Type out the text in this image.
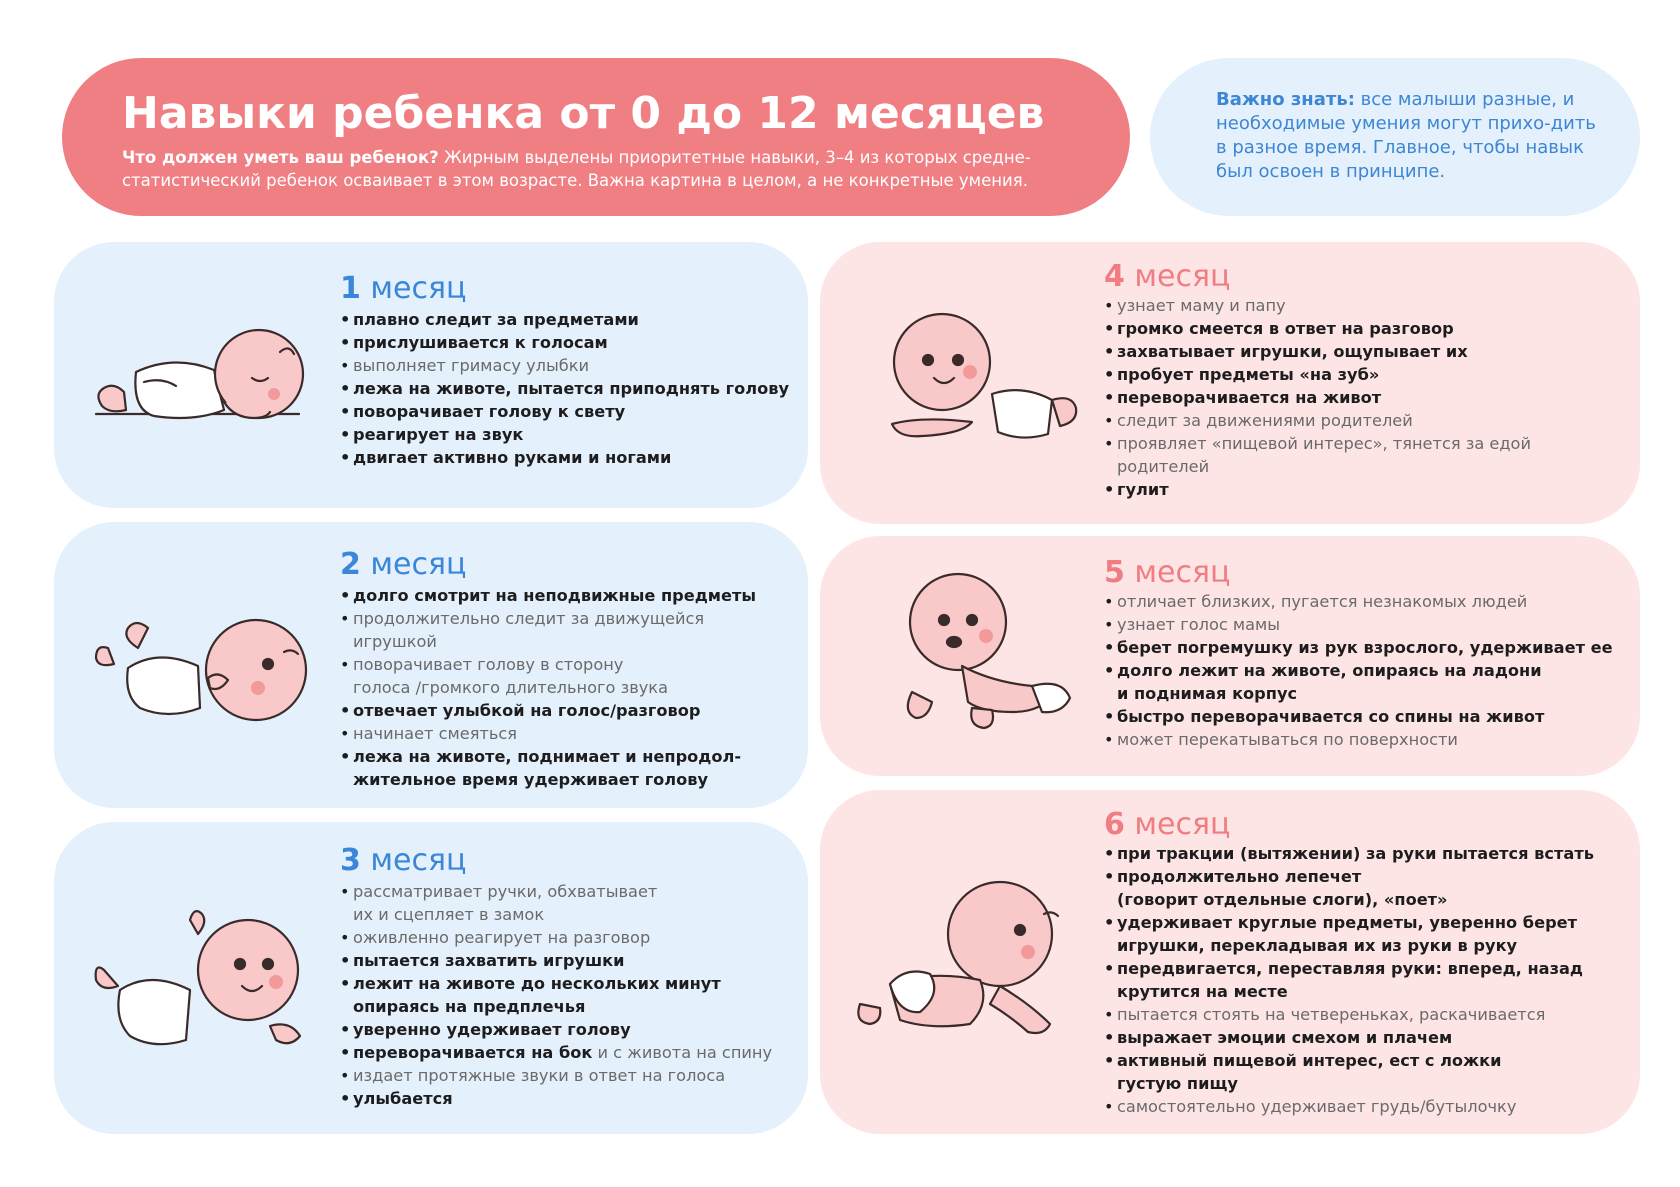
Навыки ребенка от 0 до 12 месяцев
Что должен уметь ваш ребенок? Жирным выделены приоритетные навыки, 3–4 из которых средне-статистический ребенок осваивает в этом возрасте. Важна картина в целом, а не конкретные умения.

Важно знать: все малыши разные, и необходимые умения могут прихо-дить в разное время. Главное, чтобы навык был освоен в принципе.

1 месяц
• плавно следит за предметами
• прислушивается к голосам
• выполняет гримасу улыбки
• лежа на животе, пытается приподнять голову
• поворачивает голову к свету
• реагирует на звук
• двигает активно руками и ногами
2 месяц
• долго смотрит на неподвижные предметы
• продолжительно следит за движущейся
игрушкой
• поворачивает голову в сторону
голоса /громкого длительного звука
• отвечает улыбкой на голос/разговор
• начинает смеяться
• лежа на животе, поднимает и непродол-
жительное время удерживает голову
3 месяц
• рассматривает ручки, обхватывает
их и сцепляет в замок
• оживленно реагирует на разговор
• пытается захватить игрушки
• лежит на животе до нескольких минут
опираясь на предплечья
• уверенно удерживает голову
• переворачивается на бок и с живота на спину
• издает протяжные звуки в ответ на голоса
• улыбается
4 месяц
• узнает маму и папу
• громко смеется в ответ на разговор
• захватывает игрушки, ощупывает их
• пробует предметы «на зуб»
• переворачивается на живот
• следит за движениями родителей
• проявляет «пищевой интерес», тянется за едой
родителей
• гулит
5 месяц
• отличает близких, пугается незнакомых людей
• узнает голос мамы
• берет погремушку из рук взрослого, удерживает ее
• долго лежит на животе, опираясь на ладони
и поднимая корпус
• быстро переворачивается со спины на живот
• может перекатываться по поверхности
6 месяц
• при тракции (вытяжении) за руки пытается встать
• продолжительно лепечет
(говорит отдельные слоги), «поет»
• удерживает круглые предметы, уверенно берет
игрушки, перекладывая их из руки в руку
• передвигается, переставляя руки: вперед, назад
крутится на месте
• пытается стоять на четвереньках, раскачивается
• выражает эмоции смехом и плачем
• активный пищевой интерес, ест с ложки
густую пищу
• самостоятельно удерживает грудь/бутылочку
